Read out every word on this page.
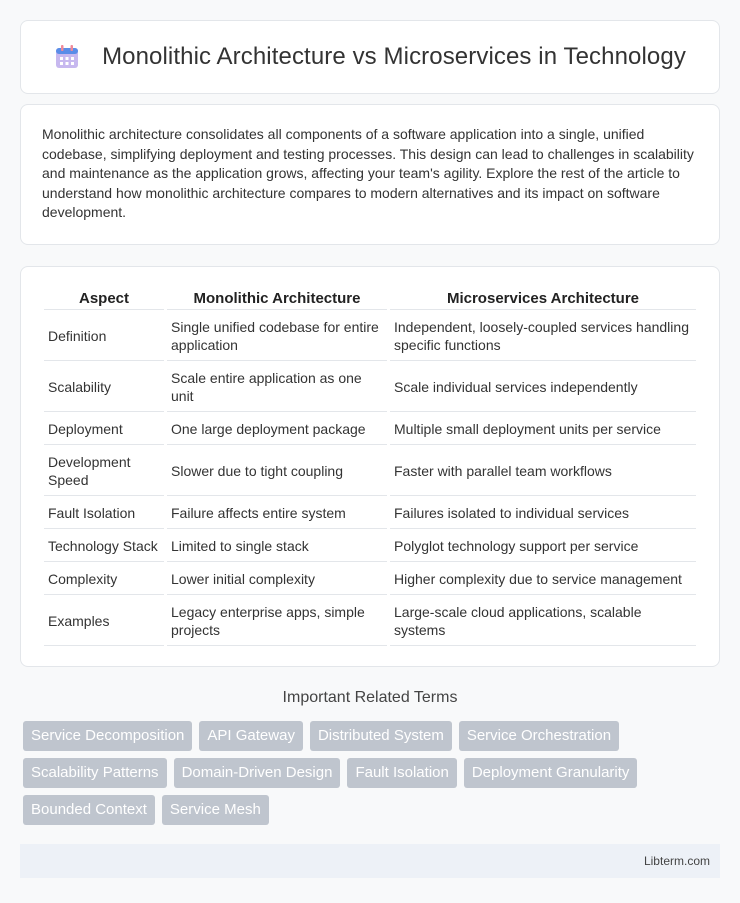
Monolithic Architecture vs Microservices in Technology

Monolithic architecture consolidates all components of a software application into a single, unified codebase, simplifying deployment and testing processes. This design can lead to challenges in scalability and maintenance as the application grows, affecting your team's agility. Explore the rest of the article to understand how monolithic architecture compares to modern alternatives and its impact on software development.

Aspect	Monolithic Architecture	Microservices Architecture
Definition	Single unified codebase for entire application	Independent, loosely-coupled services handling specific functions
Scalability	Scale entire application as one unit	Scale individual services independently
Deployment	One large deployment package	Multiple small deployment units per service
Development Speed	Slower due to tight coupling	Faster with parallel team workflows
Fault Isolation	Failure affects entire system	Failures isolated to individual services
Technology Stack	Limited to single stack	Polyglot technology support per service
Complexity	Lower initial complexity	Higher complexity due to service management
Examples	Legacy enterprise apps, simple projects	Large-scale cloud applications, scalable systems
Important Related Terms
Service Decomposition	API Gateway	Distributed System	Service Orchestration
Scalability Patterns	Domain-Driven Design	Fault Isolation	Deployment Granularity
Bounded Context	Service Mesh
Libterm.com
